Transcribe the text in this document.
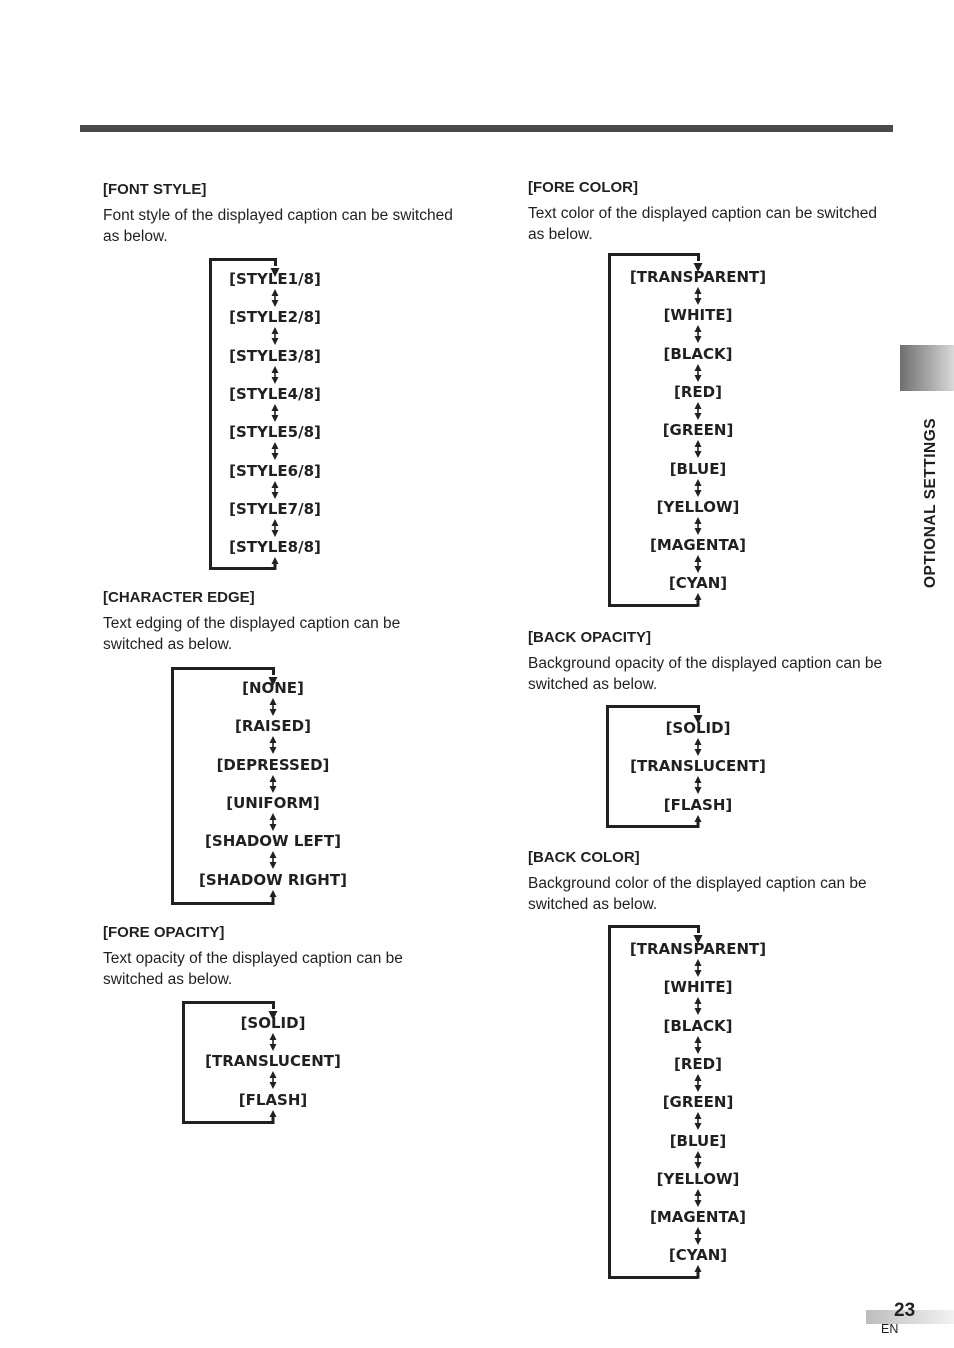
OPTIONAL SETTINGS

[FONT STYLE]

Font style of the displayed caption can be switched as below.

[STYLE1/8]
[STYLE2/8]
[STYLE3/8]
[STYLE4/8]
[STYLE5/8]
[STYLE6/8]
[STYLE7/8]
[STYLE8/8]

[CHARACTER EDGE]

Text edging of the displayed caption can be switched as below.

[NONE]
[RAISED]
[DEPRESSED]
[UNIFORM]
[SHADOW LEFT]
[SHADOW RIGHT]

[FORE OPACITY]

Text opacity of the displayed caption can be switched as below.

[SOLID]
[TRANSLUCENT]
[FLASH]

[FORE COLOR]

Text color of the displayed caption can be switched as below.

[TRANSPARENT]
[WHITE]
[BLACK]
[RED]
[GREEN]
[BLUE]
[YELLOW]
[MAGENTA]
[CYAN]

[BACK OPACITY]

Background opacity of the displayed caption can be switched as below.

[SOLID]
[TRANSLUCENT]
[FLASH]

[BACK COLOR]

Background color of the displayed caption can be switched as below.

[TRANSPARENT]
[WHITE]
[BLACK]
[RED]
[GREEN]
[BLUE]
[YELLOW]
[MAGENTA]
[CYAN]
23
EN
